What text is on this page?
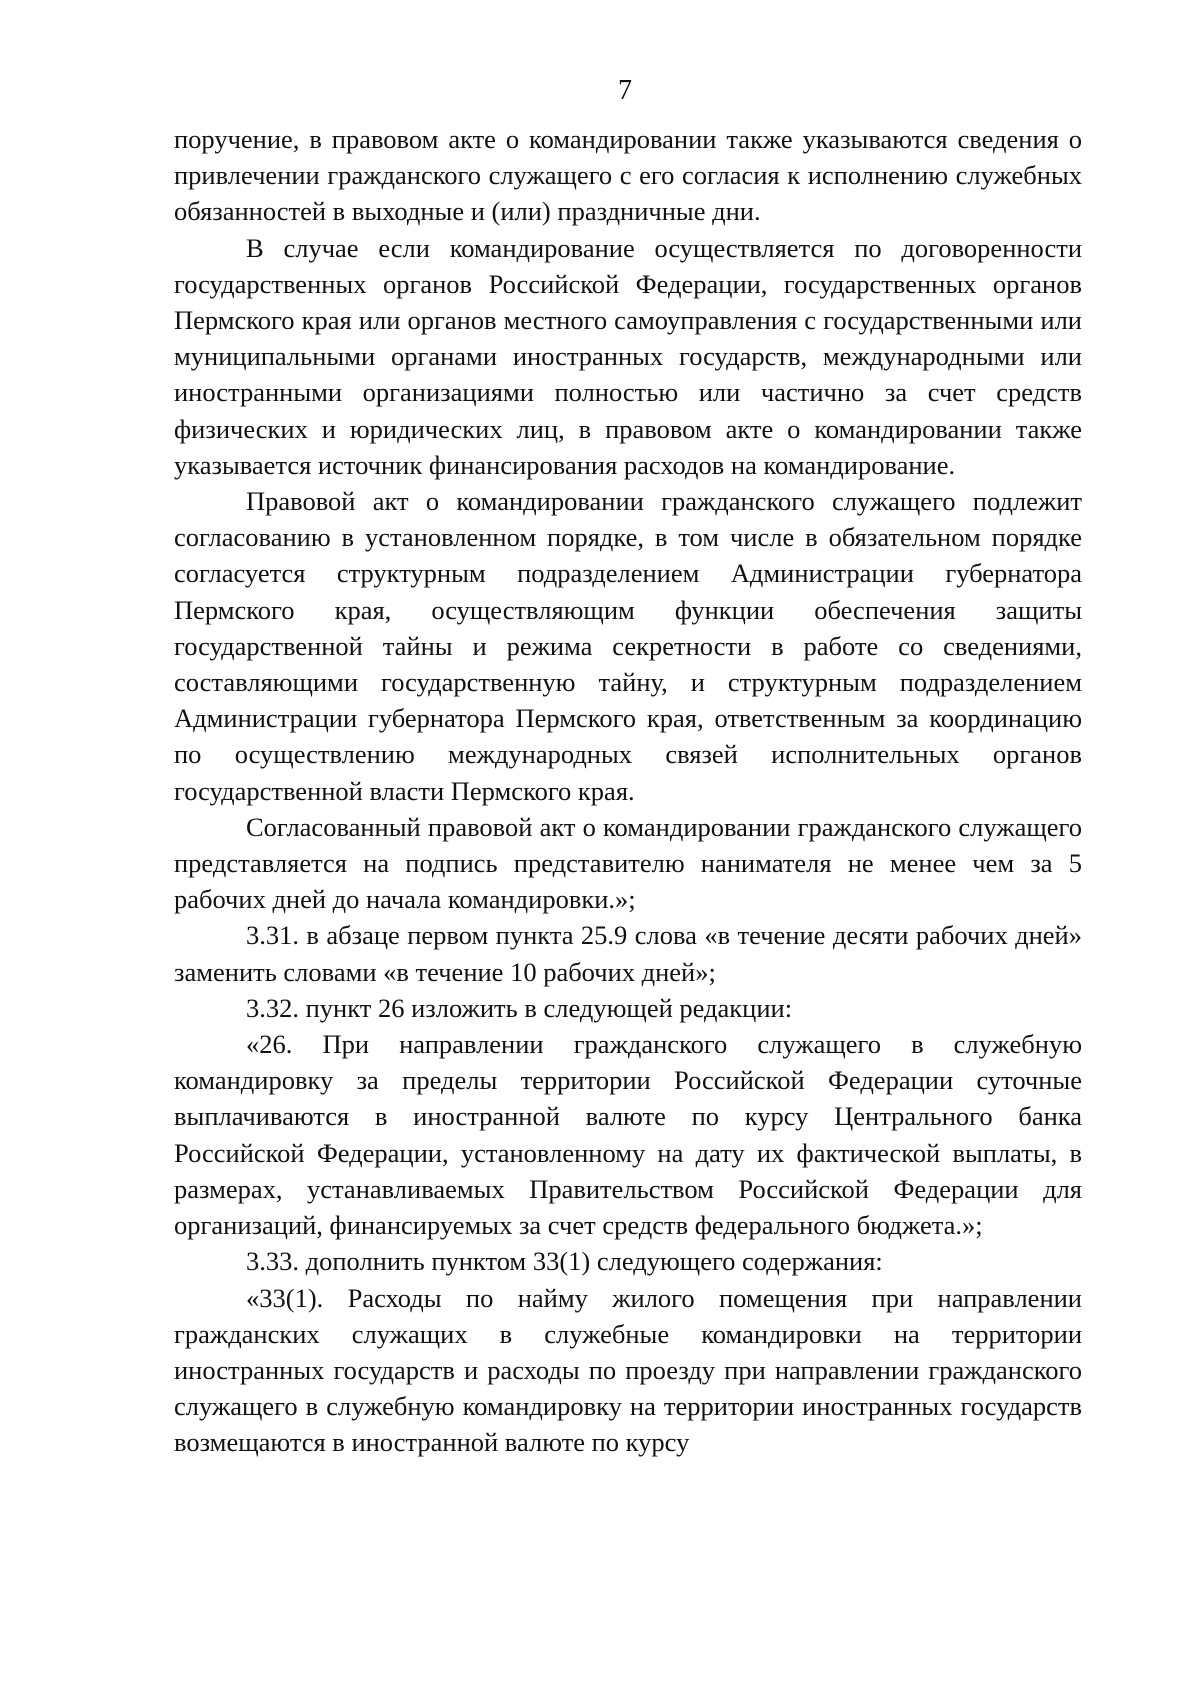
7

поручение, в правовом акте о командировании также указываются сведения о привлечении гражданского служащего с его согласия к исполнению служебных обязанностей в выходные и (или) праздничные дни.

В случае если командирование осуществляется по договоренности государственных органов Российской Федерации, государственных органов Пермского края или органов местного самоуправления с государственными или муниципальными органами иностранных государств, международными или иностранными организациями полностью или частично за счет средств физических и юридических лиц, в правовом акте о командировании также указывается источник финансирования расходов на командирование.

Правовой акт о командировании гражданского служащего подлежит согласованию в установленном порядке, в том числе в обязательном порядке согласуется структурным подразделением Администрации губернатора Пермского края, осуществляющим функции обеспечения защиты государственной тайны и режима секретности в работе со сведениями, составляющими государственную тайну, и структурным подразделением Администрации губернатора Пермского края, ответственным за координацию по осуществлению международных связей исполнительных органов государственной власти Пермского края.

Согласованный правовой акт о командировании гражданского служащего представляется на подпись представителю нанимателя не менее чем за 5 рабочих дней до начала командировки.»;

3.31. в абзаце первом пункта 25.9 слова «в течение десяти рабочих дней» заменить словами «в течение 10 рабочих дней»;

3.32. пункт 26 изложить в следующей редакции:

«26. При направлении гражданского служащего в служебную командировку за пределы территории Российской Федерации суточные выплачиваются в иностранной валюте по курсу Центрального банка Российской Федерации, установленному на дату их фактической выплаты, в размерах, устанавливаемых Правительством Российской Федерации для организаций, финансируемых за счет средств федерального бюджета.»;

3.33. дополнить пунктом 33(1) следующего содержания:

«33(1). Расходы по найму жилого помещения при направлении гражданских служащих в служебные командировки на территории иностранных государств и расходы по проезду при направлении гражданского служащего в служебную командировку на территории иностранных государств возмещаются в иностранной валюте по курсу
